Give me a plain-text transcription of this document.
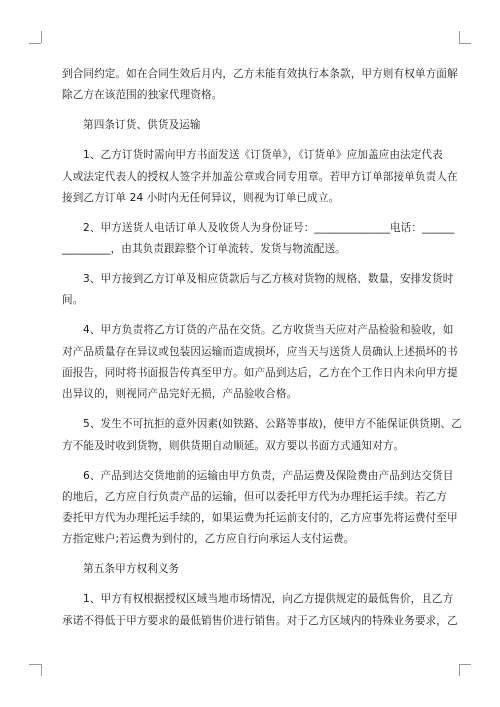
到合同约定。如在合同生效后月内，乙方未能有效执行本条款，甲方则有权单方面解
除乙方在该范围的独家代理资格。
第四条订货、供货及运输
1、乙方订货时需向甲方书面发送《订货单》，《订货单》应加盖应由法定代表
人或法定代表人的授权人签字并加盖公章或合同专用章。若甲方订单部接单负责人在
接到乙方订单 24 小时内无任何异议，则视为订单已成立。
2、甲方送货人电话订单人及收货人为身份证号：______________电话：______
_________，由其负责跟踪整个订单流转、发货与物流配送。
3、甲方接到乙方订单及相应货款后与乙方核对货物的规格、数量，安排发货时
间。
4、甲方负责将乙方订货的产品在交货。乙方收货当天应对产品检验和验收，如
对产品质量存在异议或包装因运输而造成损坏，应当天与送货人员确认上述损坏的书
面报告，同时将书面报告传真至甲方。如产品到达后，乙方在个工作日内未向甲方提
出异议的，则视同产品完好无损，产品验收合格。
5、发生不可抗拒的意外因素(如铁路、公路等事故)，使甲方不能保证供货期、乙
方不能及时收到货物，则供货期自动顺延。双方要以书面方式通知对方。
6、产品到达交货地前的运输由甲方负责，产品运费及保险费由产品到达交货目
的地后，乙方应自行负责产品的运输，但可以委托甲方代为办理托运手续。若乙方
委托甲方代为办理托运手续的，如果运费为托运前支付的，乙方应事先将运费付至甲
方指定账户;若运费为到付的，乙方应自行向承运人支付运费。
第五条甲方权利义务
1、甲方有权根据授权区域当地市场情况，向乙方提供规定的最低售价，且乙方
承诺不得低于甲方要求的最低销售价进行销售。对于乙方区域内的特殊业务要求，乙
